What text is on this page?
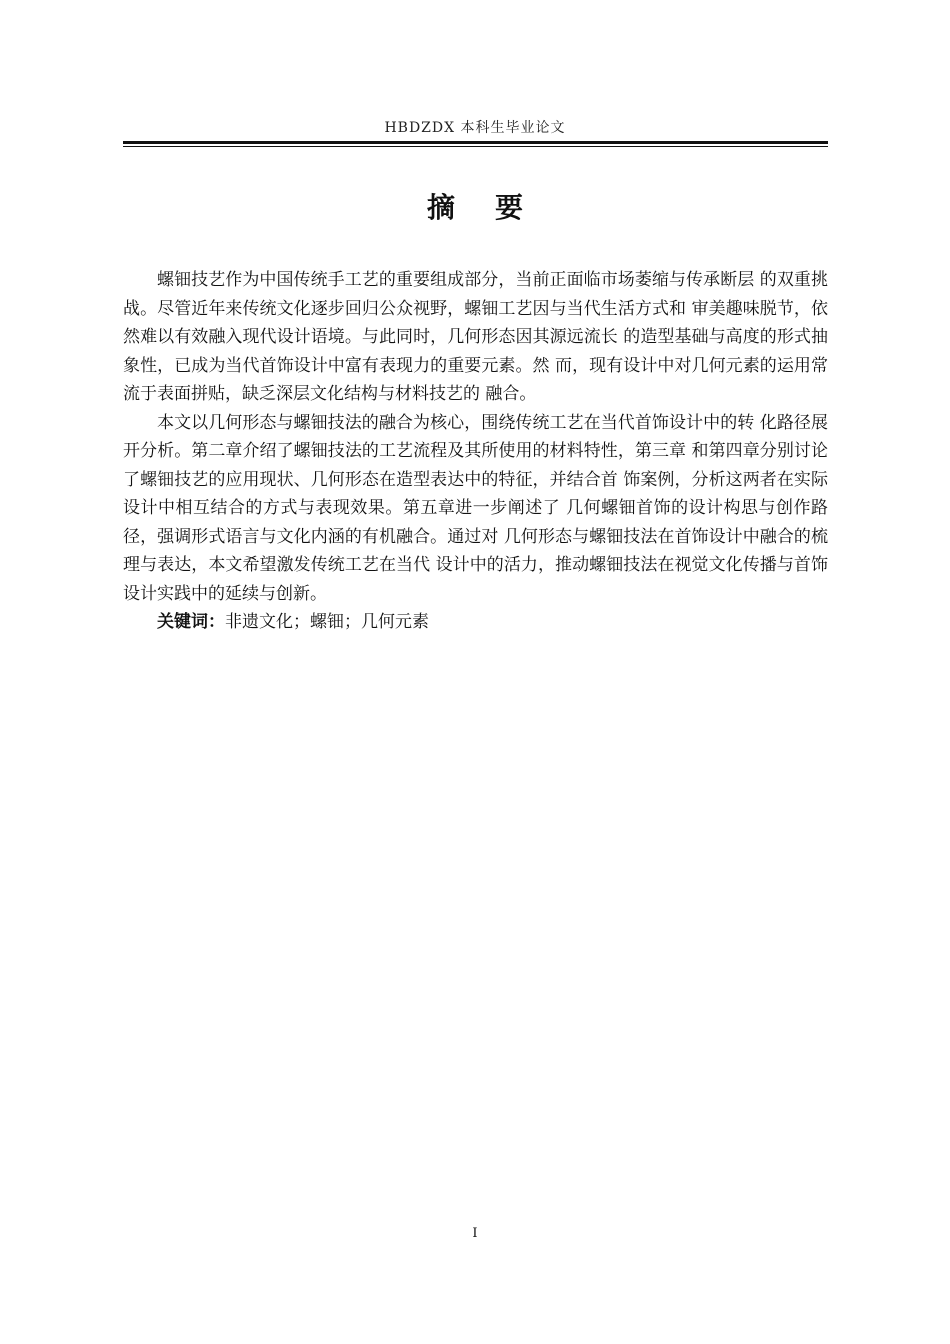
HBDZDX 本科生毕业论文
摘 要

螺钿技艺作为中国传统手工艺的重要组成部分，当前正面临市场萎缩与传承断层 的双重挑战。尽管近年来传统文化逐步回归公众视野，螺钿工艺因与当代生活方式和 审美趣味脱节，依然难以有效融入现代设计语境。与此同时，几何形态因其源远流长 的造型基础与高度的形式抽象性，已成为当代首饰设计中富有表现力的重要元素。然 而，现有设计中对几何元素的运用常流于表面拼贴，缺乏深层文化结构与材料技艺的 融合。

本文以几何形态与螺钿技法的融合为核心，围绕传统工艺在当代首饰设计中的转 化路径展开分析。第二章介绍了螺钿技法的工艺流程及其所使用的材料特性，第三章 和第四章分别讨论了螺钿技艺的应用现状、几何形态在造型表达中的特征，并结合首 饰案例，分析这两者在实际设计中相互结合的方式与表现效果。第五章进一步阐述了 几何螺钿首饰的设计构思与创作路径，强调形式语言与文化内涵的有机融合。通过对 几何形态与螺钿技法在首饰设计中融合的梳理与表达，本文希望激发传统工艺在当代 设计中的活力，推动螺钿技法在视觉文化传播与首饰设计实践中的延续与创新。

关键词：非遗文化；螺钿；几何元素

I
